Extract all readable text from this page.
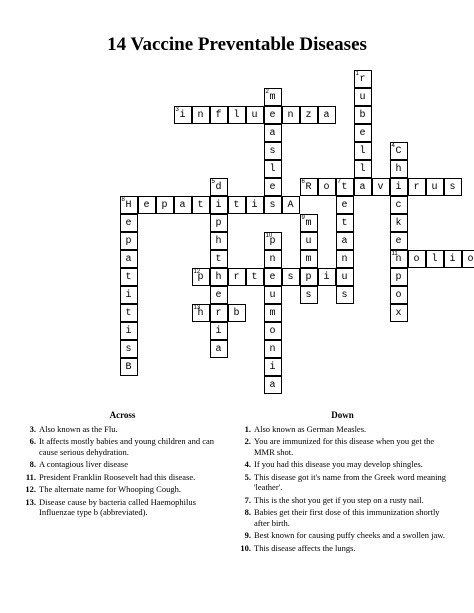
14 Vaccine Preventable Diseases
1 r
u
b
e
l
l
a
2 m
e
a
s
l
e
s
3 i	n	f	l	u	n	z	a
4 C
h
i
c
k
e
11
n
p
o
x
5 d
i
p
h
t
h
e
r
i
a
6 R	o	7 t	v	r	u	s
e
t
a
n
u
s
8 H	e	p	a	t	t	i	A
e
p
a
t
i
t
i
s
B
9 m
u
m
p
s
10
p
n
e
u
m
o
n
i
a
o	l	i	o
12
p	r	t	s	i
13
h	b
Across
3. Also known as the Flu.
6. It affects mostly babies and young children and can cause serious dehydration.
8. A contagious liver disease
11. President Franklin Roosevelt had this disease.
12. The alternate name for Whooping Cough.
13. Disease cause by bacteria called Haemophilus Influenzae type b (abbreviated).
Down
1. Also known as German Measles.
2. You are immunized for this disease when you get the MMR shot.
4. If you had this disease you may develop shingles.
5. This disease got it's name from the Greek word meaning 'leather'.
7. This is the shot you get if you step on a rusty nail.
8. Babies get their first dose of this immunization shortly after birth.
9. Best known for causing puffy cheeks and a swollen jaw.
10. This disease affects the lungs.
